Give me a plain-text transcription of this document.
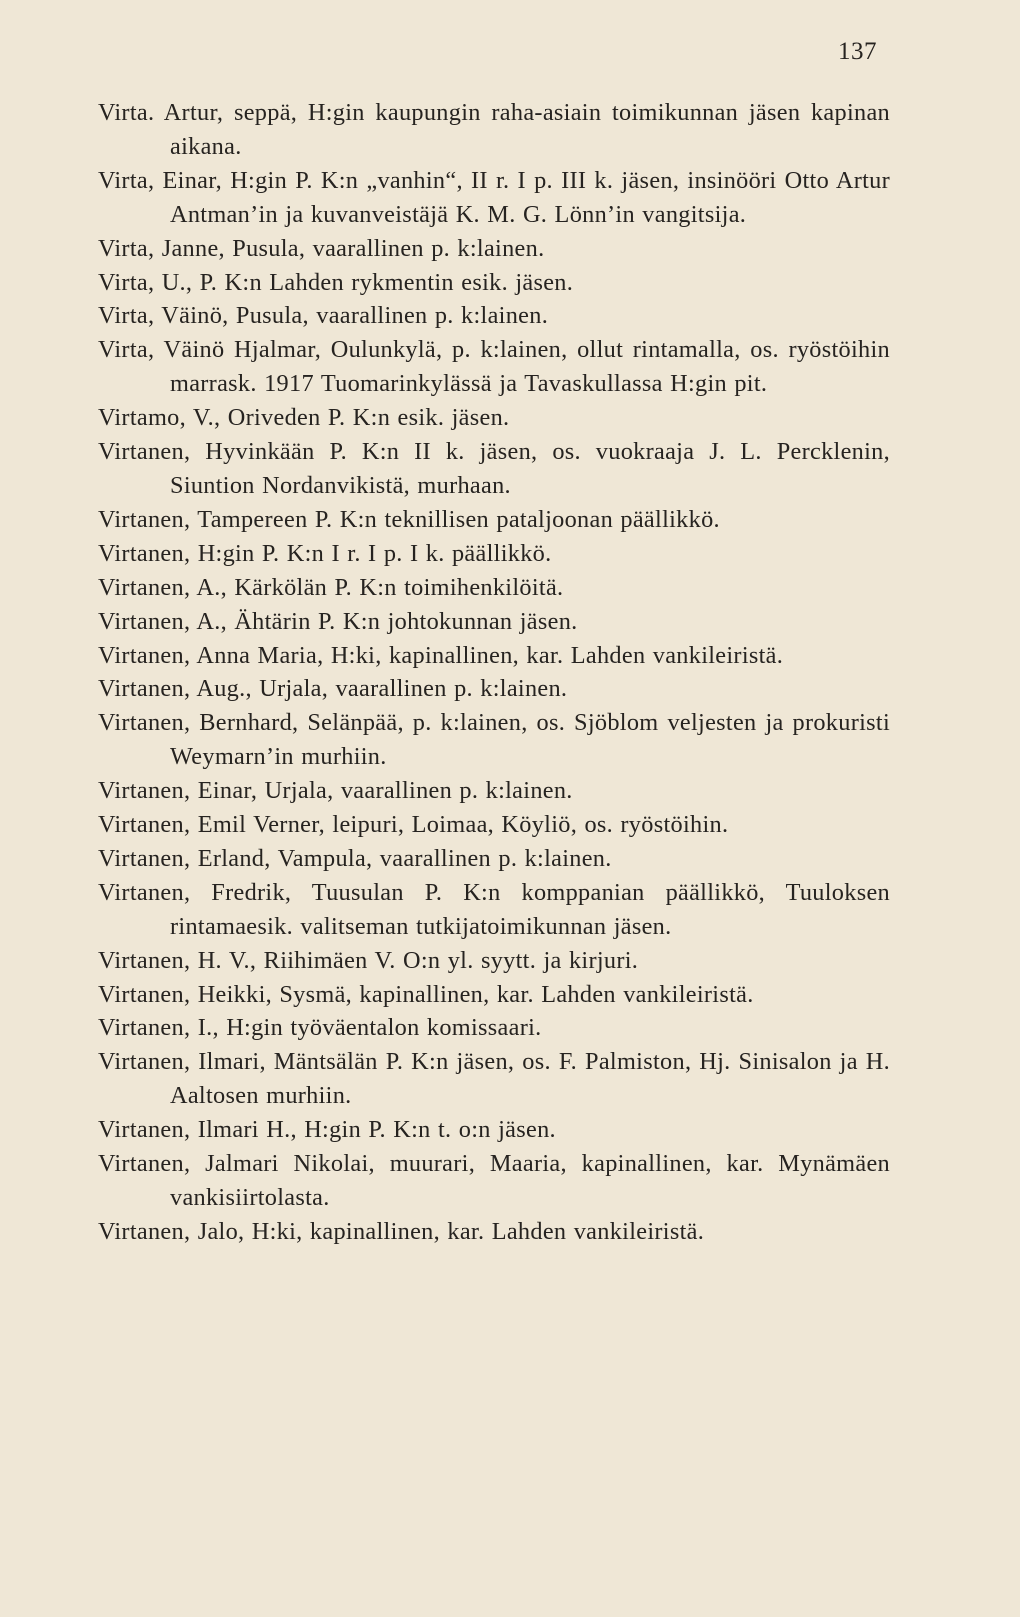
137
Virta. Artur, seppä, H:gin kaupungin raha-asiain toimikunnan jäsen kapinan aikana.
Virta, Einar, H:gin P. K:n „vanhin“, II r. I p. III k. jäsen, insinööri Otto Artur Antman’in ja kuvanveistäjä K. M. G. Lönn’in vangitsija.
Virta, Janne, Pusula, vaarallinen p. k:lainen.
Virta, U., P. K:n Lahden rykmentin esik. jäsen.
Virta, Väinö, Pusula, vaarallinen p. k:lainen.
Virta, Väinö Hjalmar, Oulunkylä, p. k:lainen, ollut rintamalla, os. ryöstöihin marrask. 1917 Tuomarinkylässä ja Tavaskullassa H:gin pit.
Virtamo, V., Oriveden P. K:n esik. jäsen.
Virtanen, Hyvinkään P. K:n II k. jäsen, os. vuokraaja J. L. Percklenin, Siuntion Nordanvikistä, murhaan.
Virtanen, Tampereen P. K:n teknillisen pataljoonan päällikkö.
Virtanen, H:gin P. K:n I r. I p. I k. päällikkö.
Virtanen, A., Kärkölän P. K:n toimihenkilöitä.
Virtanen, A., Ähtärin P. K:n johtokunnan jäsen.
Virtanen, Anna Maria, H:ki, kapinallinen, kar. Lahden vankileiristä.
Virtanen, Aug., Urjala, vaarallinen p. k:lainen.
Virtanen, Bernhard, Selänpää, p. k:lainen, os. Sjöblom veljesten ja prokuristi Weymarn’in murhiin.
Virtanen, Einar, Urjala, vaarallinen p. k:lainen.
Virtanen, Emil Verner, leipuri, Loimaa, Köyliö, os. ryöstöihin.
Virtanen, Erland, Vampula, vaarallinen p. k:lainen.
Virtanen, Fredrik, Tuusulan P. K:n komppanian päällikkö, Tuuloksen rintamaesik. valitseman tutkijatoimikunnan jäsen.
Virtanen, H. V., Riihimäen V. O:n yl. syytt. ja kirjuri.
Virtanen, Heikki, Sysmä, kapinallinen, kar. Lahden vankileiristä.
Virtanen, I., H:gin työväentalon komissaari.
Virtanen, Ilmari, Mäntsälän P. K:n jäsen, os. F. Palmiston, Hj. Sinisalon ja H. Aaltosen murhiin.
Virtanen, Ilmari H., H:gin P. K:n t. o:n jäsen.
Virtanen, Jalmari Nikolai, muurari, Maaria, kapinallinen, kar. Mynämäen vankisiirtolasta.
Virtanen, Jalo, H:ki, kapinallinen, kar. Lahden vankileiristä.
